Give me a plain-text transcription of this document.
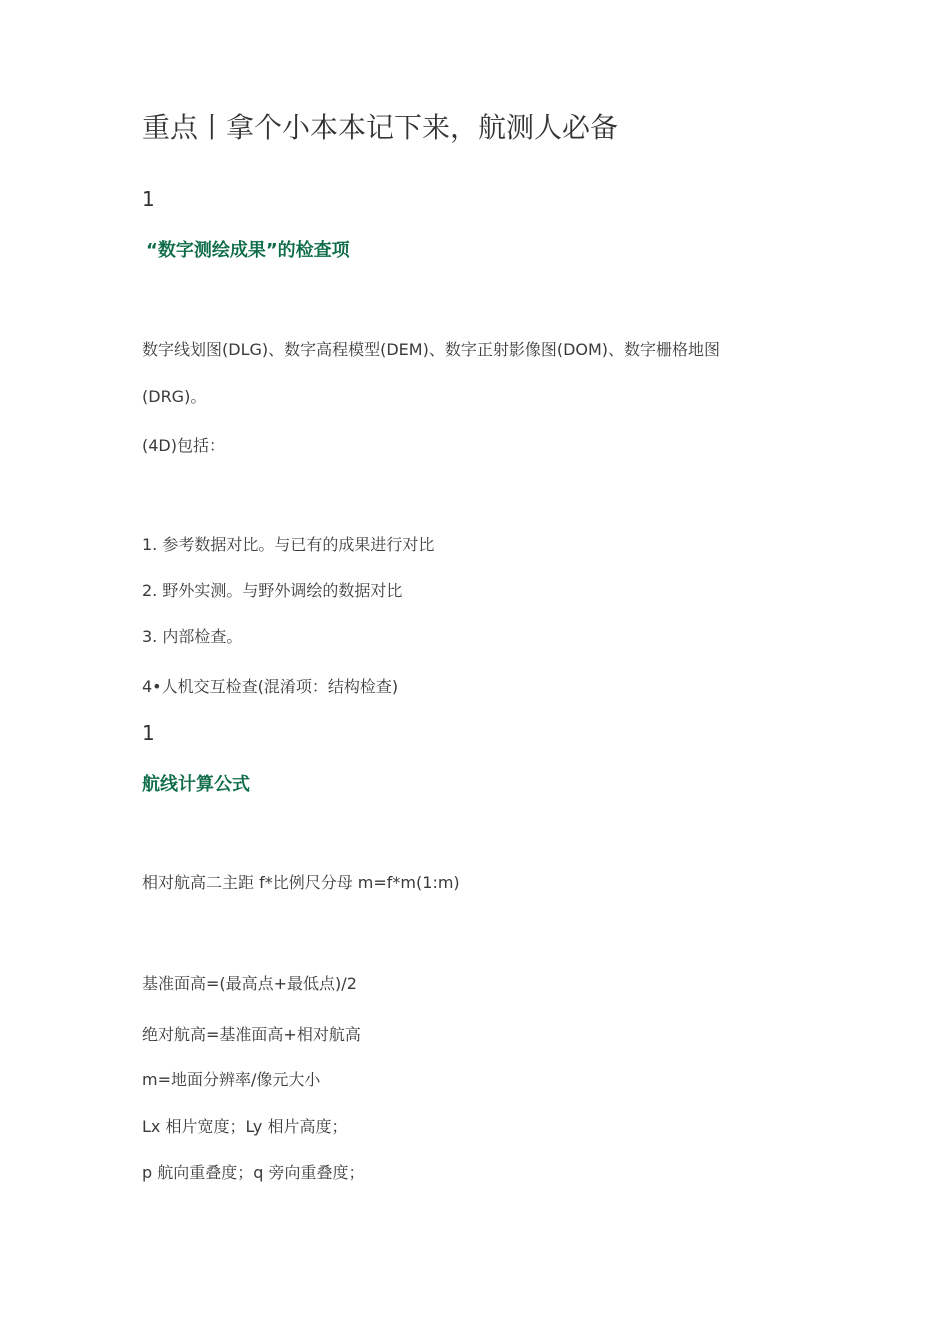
重点丨拿个小本本记下来，航测人必备
1
“数字测绘成果”的检查项
数字线划图(DLG)、数字高程模型(DEM)、数字正射影像图(DOM)、数字栅格地图
(DRG)。
(4D)包括：
1. 参考数据对比。与已有的成果进行对比
2. 野外实测。与野外调绘的数据对比
3. 内部检查。
4•人机交互检查(混淆项：结构检查)
1
航线计算公式
相对航高二主距 f*比例尺分母 m=f*m(1:m)
基准面高=(最高点+最低点)/2
绝对航高=基准面高+相对航高
m=地面分辨率/像元大小
Lx 相片宽度；Ly 相片高度；
p 航向重叠度；q 旁向重叠度；
